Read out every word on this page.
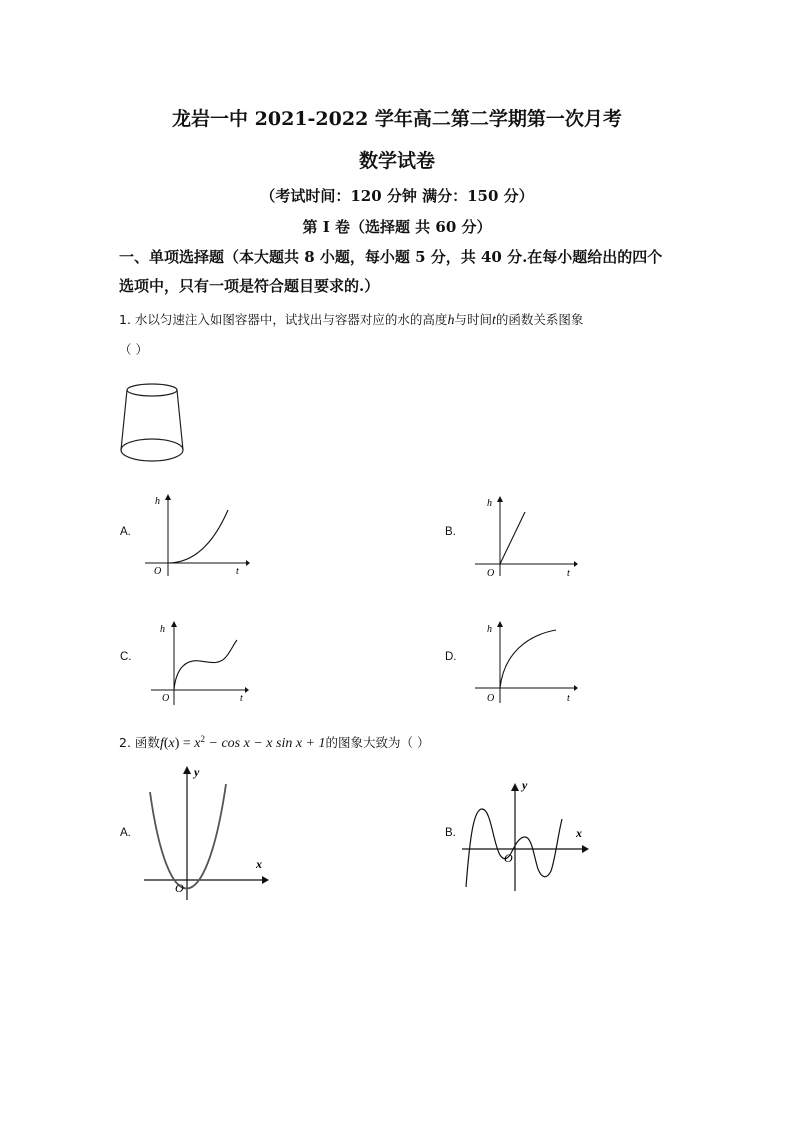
龙岩一中 2021-2022 学年高二第二学期第一次月考
数学试卷
（考试时间：120 分钟 满分：150 分）
第 I 卷（选择题 共 60 分）
一、单项选择题（本大题共 8 小题，每小题 5 分，共 40 分.在每小题给出的四个
选项中，只有一项是符合题目要求的.）
1. 水以匀速注入如图容器中，试找出与容器对应的水的高度h与时间t的函数关系图象
（ ）
A.
h
t
O
B.
h
t
O
C.
h
t
O
D.
h
t
O
2. 函数$f(x) = x^2 - \cos x - x$ sin x + 1的图象大致为（ ）
A.
y
x
O
B.
y
x
O
